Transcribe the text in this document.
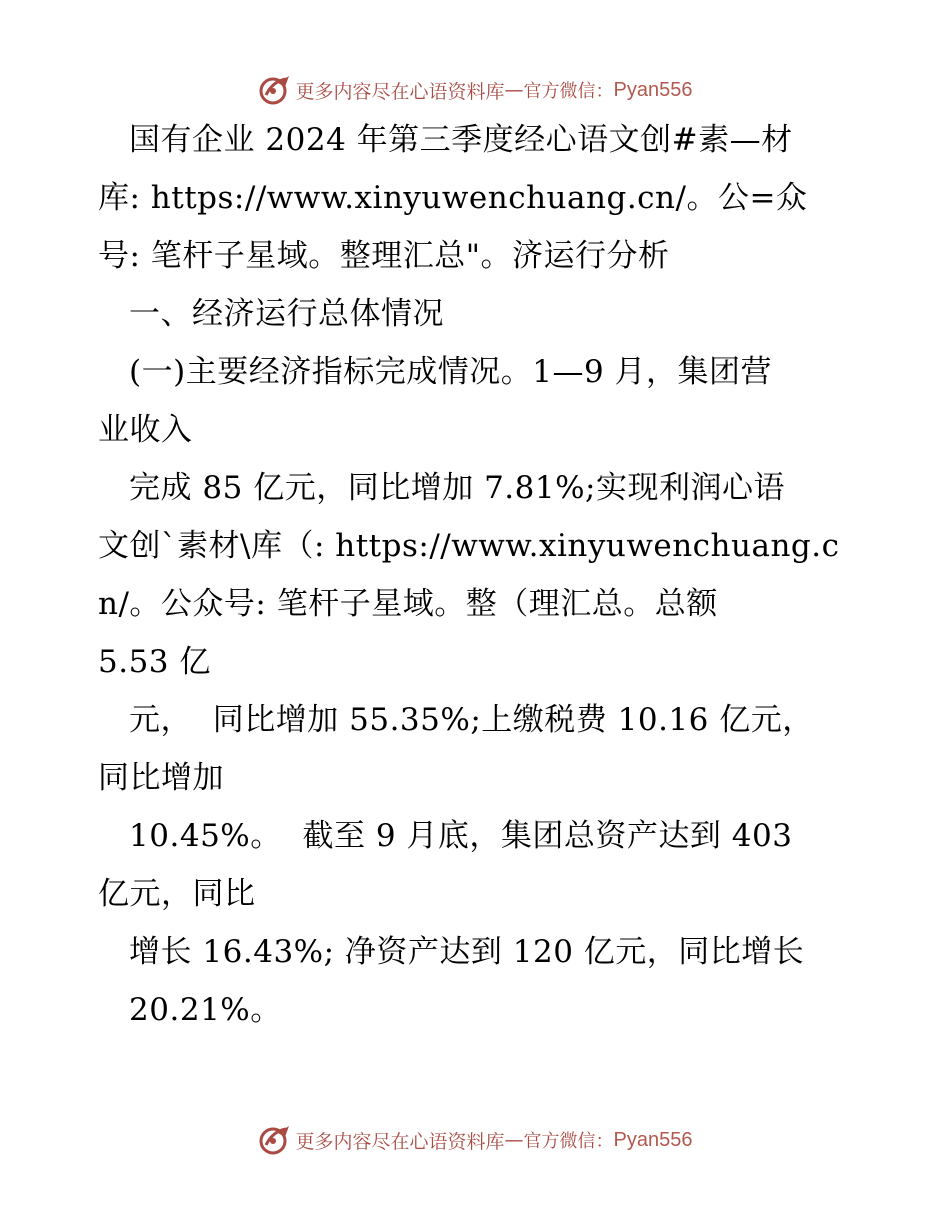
更多内容尽在心语资料库 — 官方微信： Pyan556
国有企业 2024 年第三季度经心语文创#素—材
库: https://www.xinyuwenchuang.cn/。公=众
号: 笔杆子星域。整理汇总"。济运行分析
一、经济运行总体情况
(一)主要经济指标完成情况。1—9 月，集团营
业收入
完成 85 亿元，同比增加 7.81%;实现利润心语
文创`素材\库（: https://www.xinyuwenchuang.c
n/。公众号: 笔杆子星域。整（理汇总。总额
5.53 亿
元，  同比增加 55.35%;上缴税费 10.16 亿元，
同比增加
10.45%。  截至 9 月底，集团总资产达到 403
亿元，同比
增长 16.43%; 净资产达到 120 亿元，同比增长
20.21%。
更多内容尽在心语资料库 — 官方微信： Pyan556
